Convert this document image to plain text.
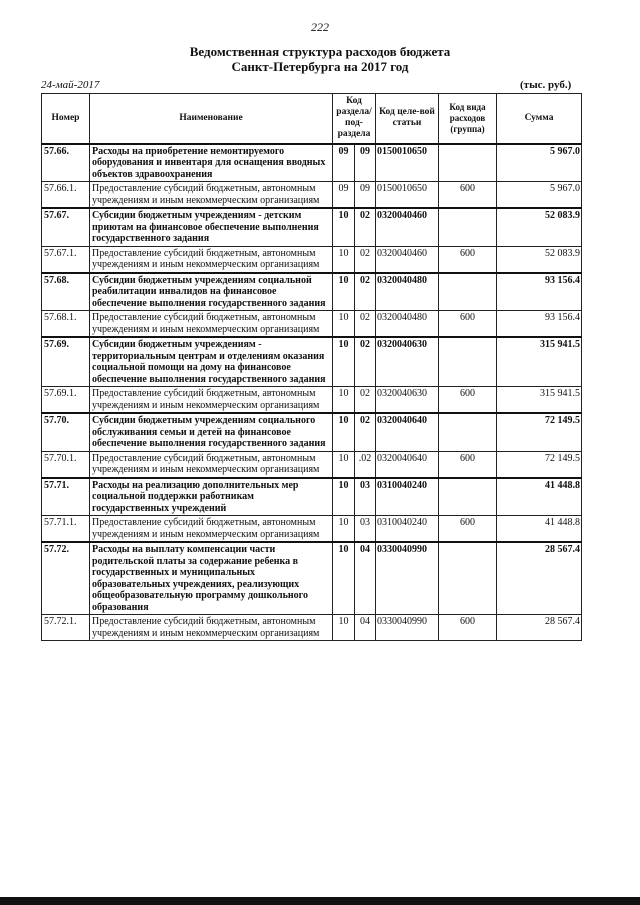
222
Ведомственная структура расходов бюджета
Санкт-Петербурга на 2017 год
24-май-2017	(тыс. руб.)
Номер	Наименование	Код раздела/ под-раздела		Код целе-вой статьи	Код вида расходов (группа)	Сумма
57.66.	Расходы на приобретение немонтируемого оборудования и инвентаря для оснащения вводных объектов здравоохранения	09	09	0150010650		5 967.0
57.66.1.	Предоставление субсидий бюджетным, автономным учреждениям и иным некоммерческим организациям	09	09	0150010650	600	5 967.0
57.67.	Субсидии бюджетным учреждениям - детским приютам на финансовое обеспечение выполнения государственного задания	10	02	0320040460		52 083.9
57.67.1.	Предоставление субсидий бюджетным, автономным учреждениям и иным некоммерческим организациям	10	02	0320040460	600	52 083.9
57.68.	Субсидии бюджетным учреждениям социальной реабилитации инвалидов на финансовое обеспечение выполнения государственного задания	10	02	0320040480		93 156.4
57.68.1.	Предоставление субсидий бюджетным, автономным учреждениям и иным некоммерческим организациям	10	02	0320040480	600	93 156.4
57.69.	Субсидии бюджетным учреждениям - территориальным центрам и отделениям оказания социальной помощи на дому на финансовое обеспечение выполнения государственного задания	10	02	0320040630		315 941.5
57.69.1.	Предоставление субсидий бюджетным, автономным учреждениям и иным некоммерческим организациям	10	02	0320040630	600	315 941.5
57.70.	Субсидии бюджетным учреждениям социального обслуживания семьи и детей на финансовое обеспечение выполнения государственного задания	10	02	0320040640		72 149.5
57.70.1.	Предоставление субсидий бюджетным, автономным учреждениям и иным некоммерческим организациям	10	.02	0320040640	600	72 149.5
57.71.	Расходы на реализацию дополнительных мер социальной поддержки работникам государственных учреждений	10	03	0310040240		41 448.8
57.71.1.	Предоставление субсидий бюджетным, автономным учреждениям и иным некоммерческим организациям	10	03	0310040240	600	41 448.8
57.72.	Расходы на выплату компенсации части родительской платы за содержание ребенка в государственных и муниципальных образовательных учреждениях, реализующих общеобразовательную программу дошкольного образования	10	04	0330040990		28 567.4
57.72.1.	Предоставление субсидий бюджетным, автономным учреждениям и иным некоммерческим организациям	10	04	0330040990	600	28 567.4
